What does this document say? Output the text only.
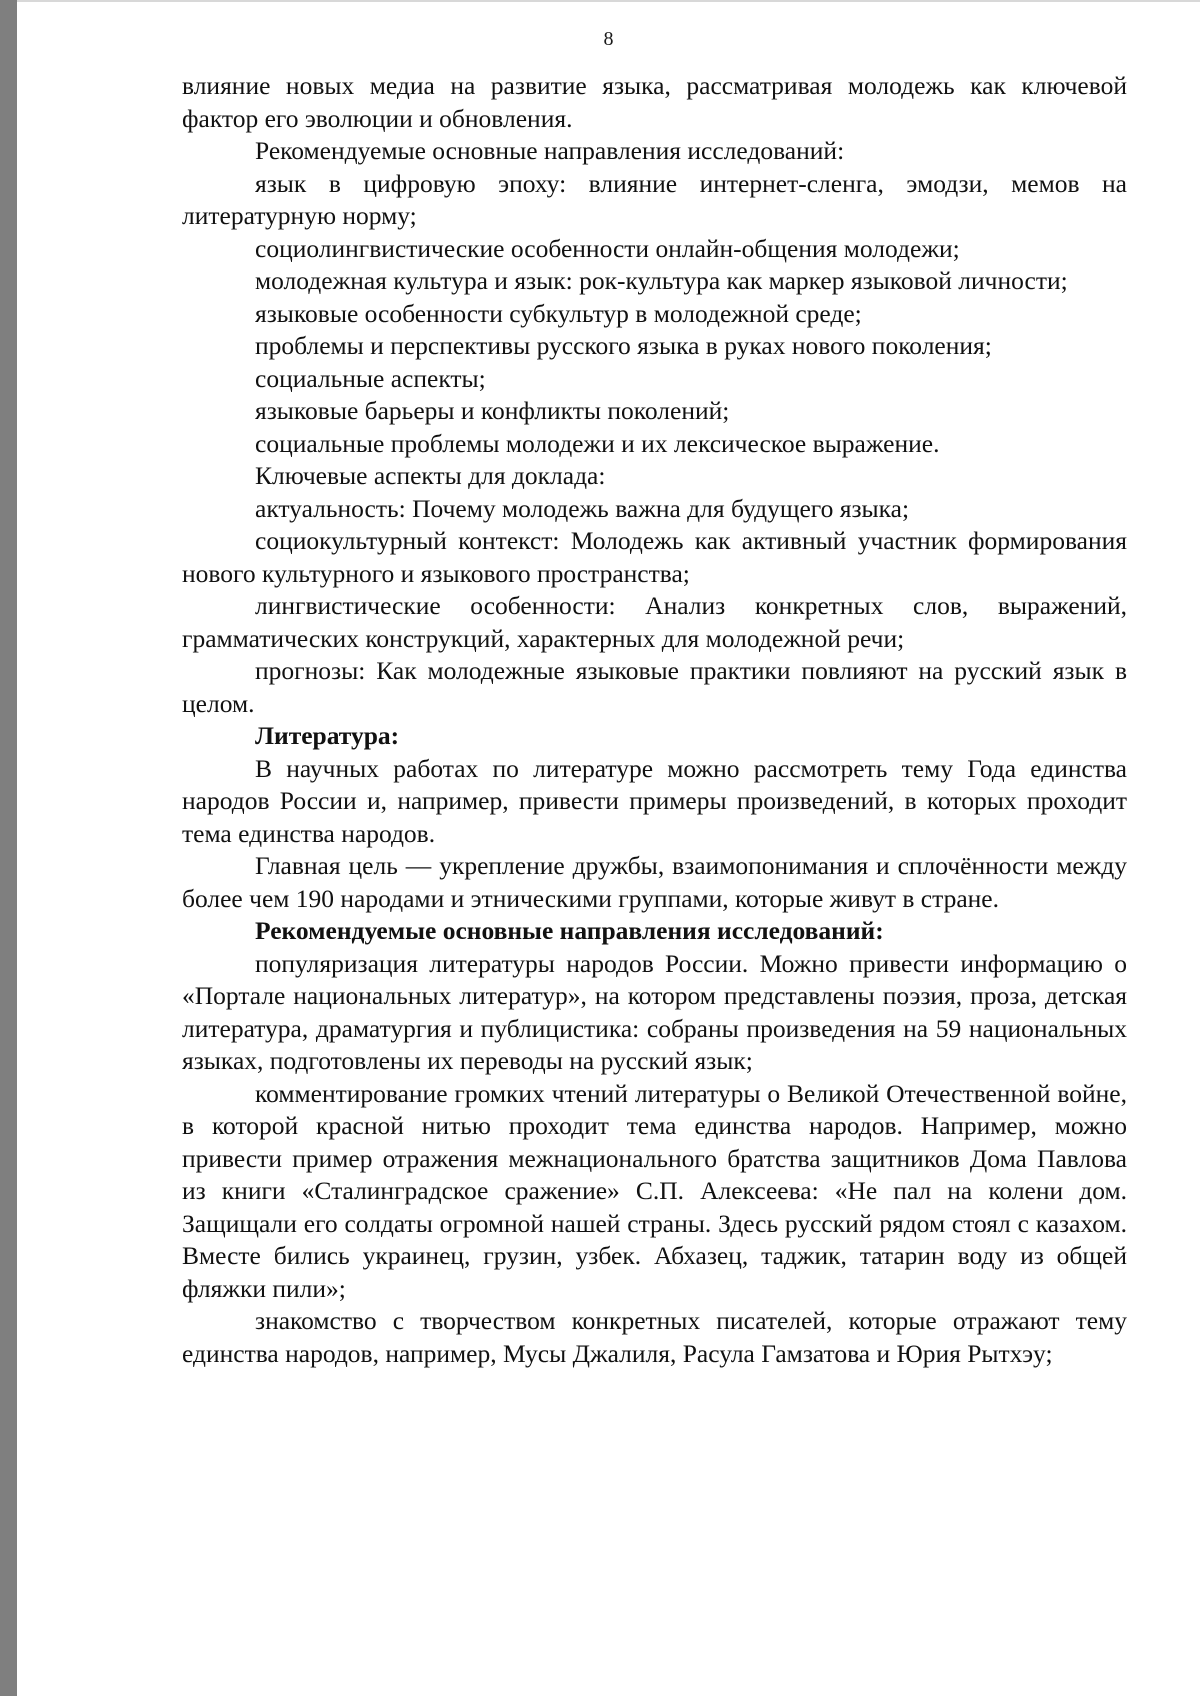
8

влияние новых медиа на развитие языка, рассматривая молодежь как ключевой фактор его эволюции и обновления.

Рекомендуемые основные направления исследований:

язык в цифровую эпоху: влияние интернет-сленга, эмодзи, мемов на литературную норму;

социолингвистические особенности онлайн-общения молодежи;

молодежная культура и язык: рок-культура как маркер языковой личности;

языковые особенности субкультур в молодежной среде;

проблемы и перспективы русского языка в руках нового поколения;

социальные аспекты;

языковые барьеры и конфликты поколений;

социальные проблемы молодежи и их лексическое выражение.

Ключевые аспекты для доклада:

актуальность: Почему молодежь важна для будущего языка;

социокультурный контекст: Молодежь как активный участник формирования нового культурного и языкового пространства;

лингвистические особенности: Анализ конкретных слов, выражений, грамматических конструкций, характерных для молодежной речи;

прогнозы: Как молодежные языковые практики повлияют на русский язык в целом.

Литература:

В научных работах по литературе можно рассмотреть тему Года единства народов России и, например, привести примеры произведений, в которых проходит тема единства народов.

Главная цель — укрепление дружбы, взаимопонимания и сплочённости между более чем 190 народами и этническими группами, которые живут в стране.

Рекомендуемые основные направления исследований:

популяризация литературы народов России. Можно привести информацию о «Портале национальных литератур», на котором представлены поэзия, проза, детская литература, драматургия и публицистика: собраны произведения на 59 национальных языках, подготовлены их переводы на русский язык;

комментирование громких чтений литературы о Великой Отечественной войне, в которой красной нитью проходит тема единства народов. Например, можно привести пример отражения межнационального братства защитников Дома Павлова из книги «Сталинградское сражение» С.П. Алексеева: «Не пал на колени дом. Защищали его солдаты огромной нашей страны. Здесь русский рядом стоял с казахом. Вместе бились украинец, грузин, узбек. Абхазец, таджик, татарин воду из общей фляжки пили»;

знакомство с творчеством конкретных писателей, которые отражают тему единства народов, например, Мусы Джалиля, Расула Гамзатова и Юрия Рытхэу;
